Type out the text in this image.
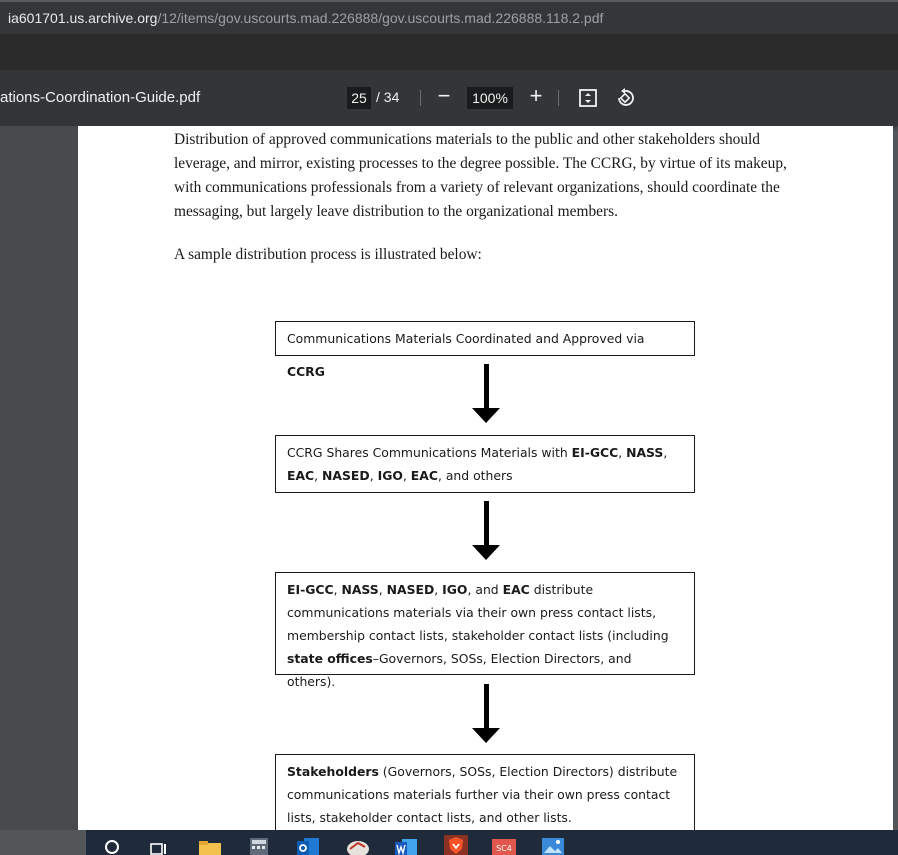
ia601701.us.archive.org/12/items/gov.uscourts.mad.226888/gov.uscourts.mad.226888.118.2.pdf
ations-Coordination-Guide.pdf	25 / 34 −	100% +

Distribution of approved communications materials to the public and other stakeholders should leverage, and mirror, existing processes to the degree possible. The CCRG, by virtue of its makeup, with communications professionals from a variety of relevant organizations, should coordinate the messaging, but largely leave distribution to the organizational members.

A sample distribution process is illustrated below:
Communications Materials Coordinated and Approved via CCRG
CCRG Shares Communications Materials with EI-GCC, NASS,
EAC, NASED, IGO, EAC, and others
EI-GCC, NASS, NASED, IGO, and EAC distribute communications materials via their own press contact lists, membership contact lists, stakeholder contact lists (including state offices–Governors, SOSs, Election Directors, and others).
Stakeholders (Governors, SOSs, Election Directors) distribute communications materials further via their own press contact lists, stakeholder contact lists, and other lists.
SC4
